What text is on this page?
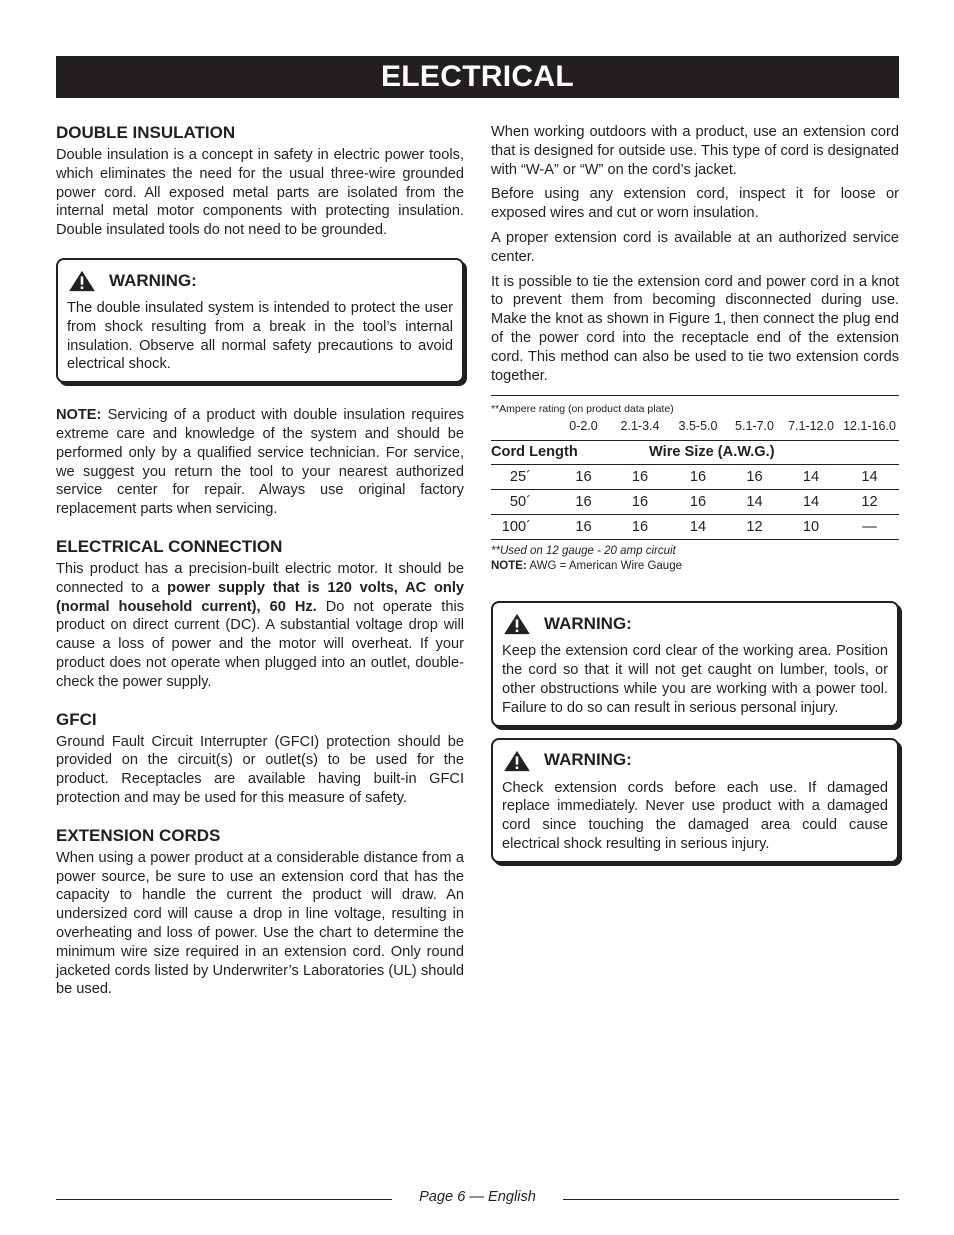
ELECTRICAL
DOUBLE INSULATION

Double insulation is a concept in safety in electric power tools, which eliminates the need for the usual three-wire grounded power cord. All exposed metal parts are isolated from the internal metal motor components with protecting insulation. Double insulated tools do not need to be grounded.

WARNING:

The double insulated system is intended to protect the user from shock resulting from a break in the tool’s internal insulation. Observe all normal safety precautions to avoid electrical shock.

NOTE: Servicing of a product with double insulation requires extreme care and knowledge of the system and should be performed only by a qualified service technician. For service, we suggest you return the tool to your nearest authorized service center for repair. Always use original factory replacement parts when servicing.

ELECTRICAL CONNECTION

This product has a precision-built electric motor. It should be connected to a power supply that is 120 volts, AC only (normal household current), 60 Hz. Do not operate this product on direct current (DC). A substantial voltage drop will cause a loss of power and the motor will overheat. If your product does not operate when plugged into an outlet, double-check the power supply.

GFCI

Ground Fault Circuit Interrupter (GFCI) protection should be provided on the circuit(s) or outlet(s) to be used for the product. Receptacles are available having built-in GFCI protection and may be used for this measure of safety.

EXTENSION CORDS

When using a power product at a considerable distance from a power source, be sure to use an extension cord that has the capacity to handle the current the product will draw. An undersized cord will cause a drop in line voltage, resulting in overheating and loss of power. Use the chart to determine the minimum wire size required in an extension cord. Only round jacketed cords listed by Underwriter’s Laboratories (UL) should be used.

When working outdoors with a product, use an extension cord that is designed for outside use. This type of cord is designated with “W-A” or “W” on the cord’s jacket.

Before using any extension cord, inspect it for loose or exposed wires and cut or worn insulation.

A proper extension cord is available at an authorized service center.

It is possible to tie the extension cord and power cord in a knot to prevent them from becoming disconnected during use. Make the knot as shown in Figure 1, then connect the plug end of the power cord into the receptacle end of the extension cord. This method can also be used to tie two extension cords together.

**Ampere rating (on product data plate)
0-2.0	2.1-3.4	3.5-5.0	5.1-7.0	7.1-12.0 12.1-16.0
Cord Length	Wire Size (A.W.G.)
25´	16	16	16	16	14	14
50´	16	16	16	14	14	12
100´	16	16	14	12	10	—
**Used on 12 gauge - 20 amp circuit
NOTE: AWG = American Wire Gauge
WARNING:

Keep the extension cord clear of the working area. Position the cord so that it will not get caught on lumber, tools, or other obstructions while you are working with a power tool. Failure to do so can result in serious personal injury.

WARNING:

Check extension cords before each use. If damaged replace immediately. Never use product with a damaged cord since touching the damaged area could cause electrical shock resulting in serious injury.

Page 6 — English
